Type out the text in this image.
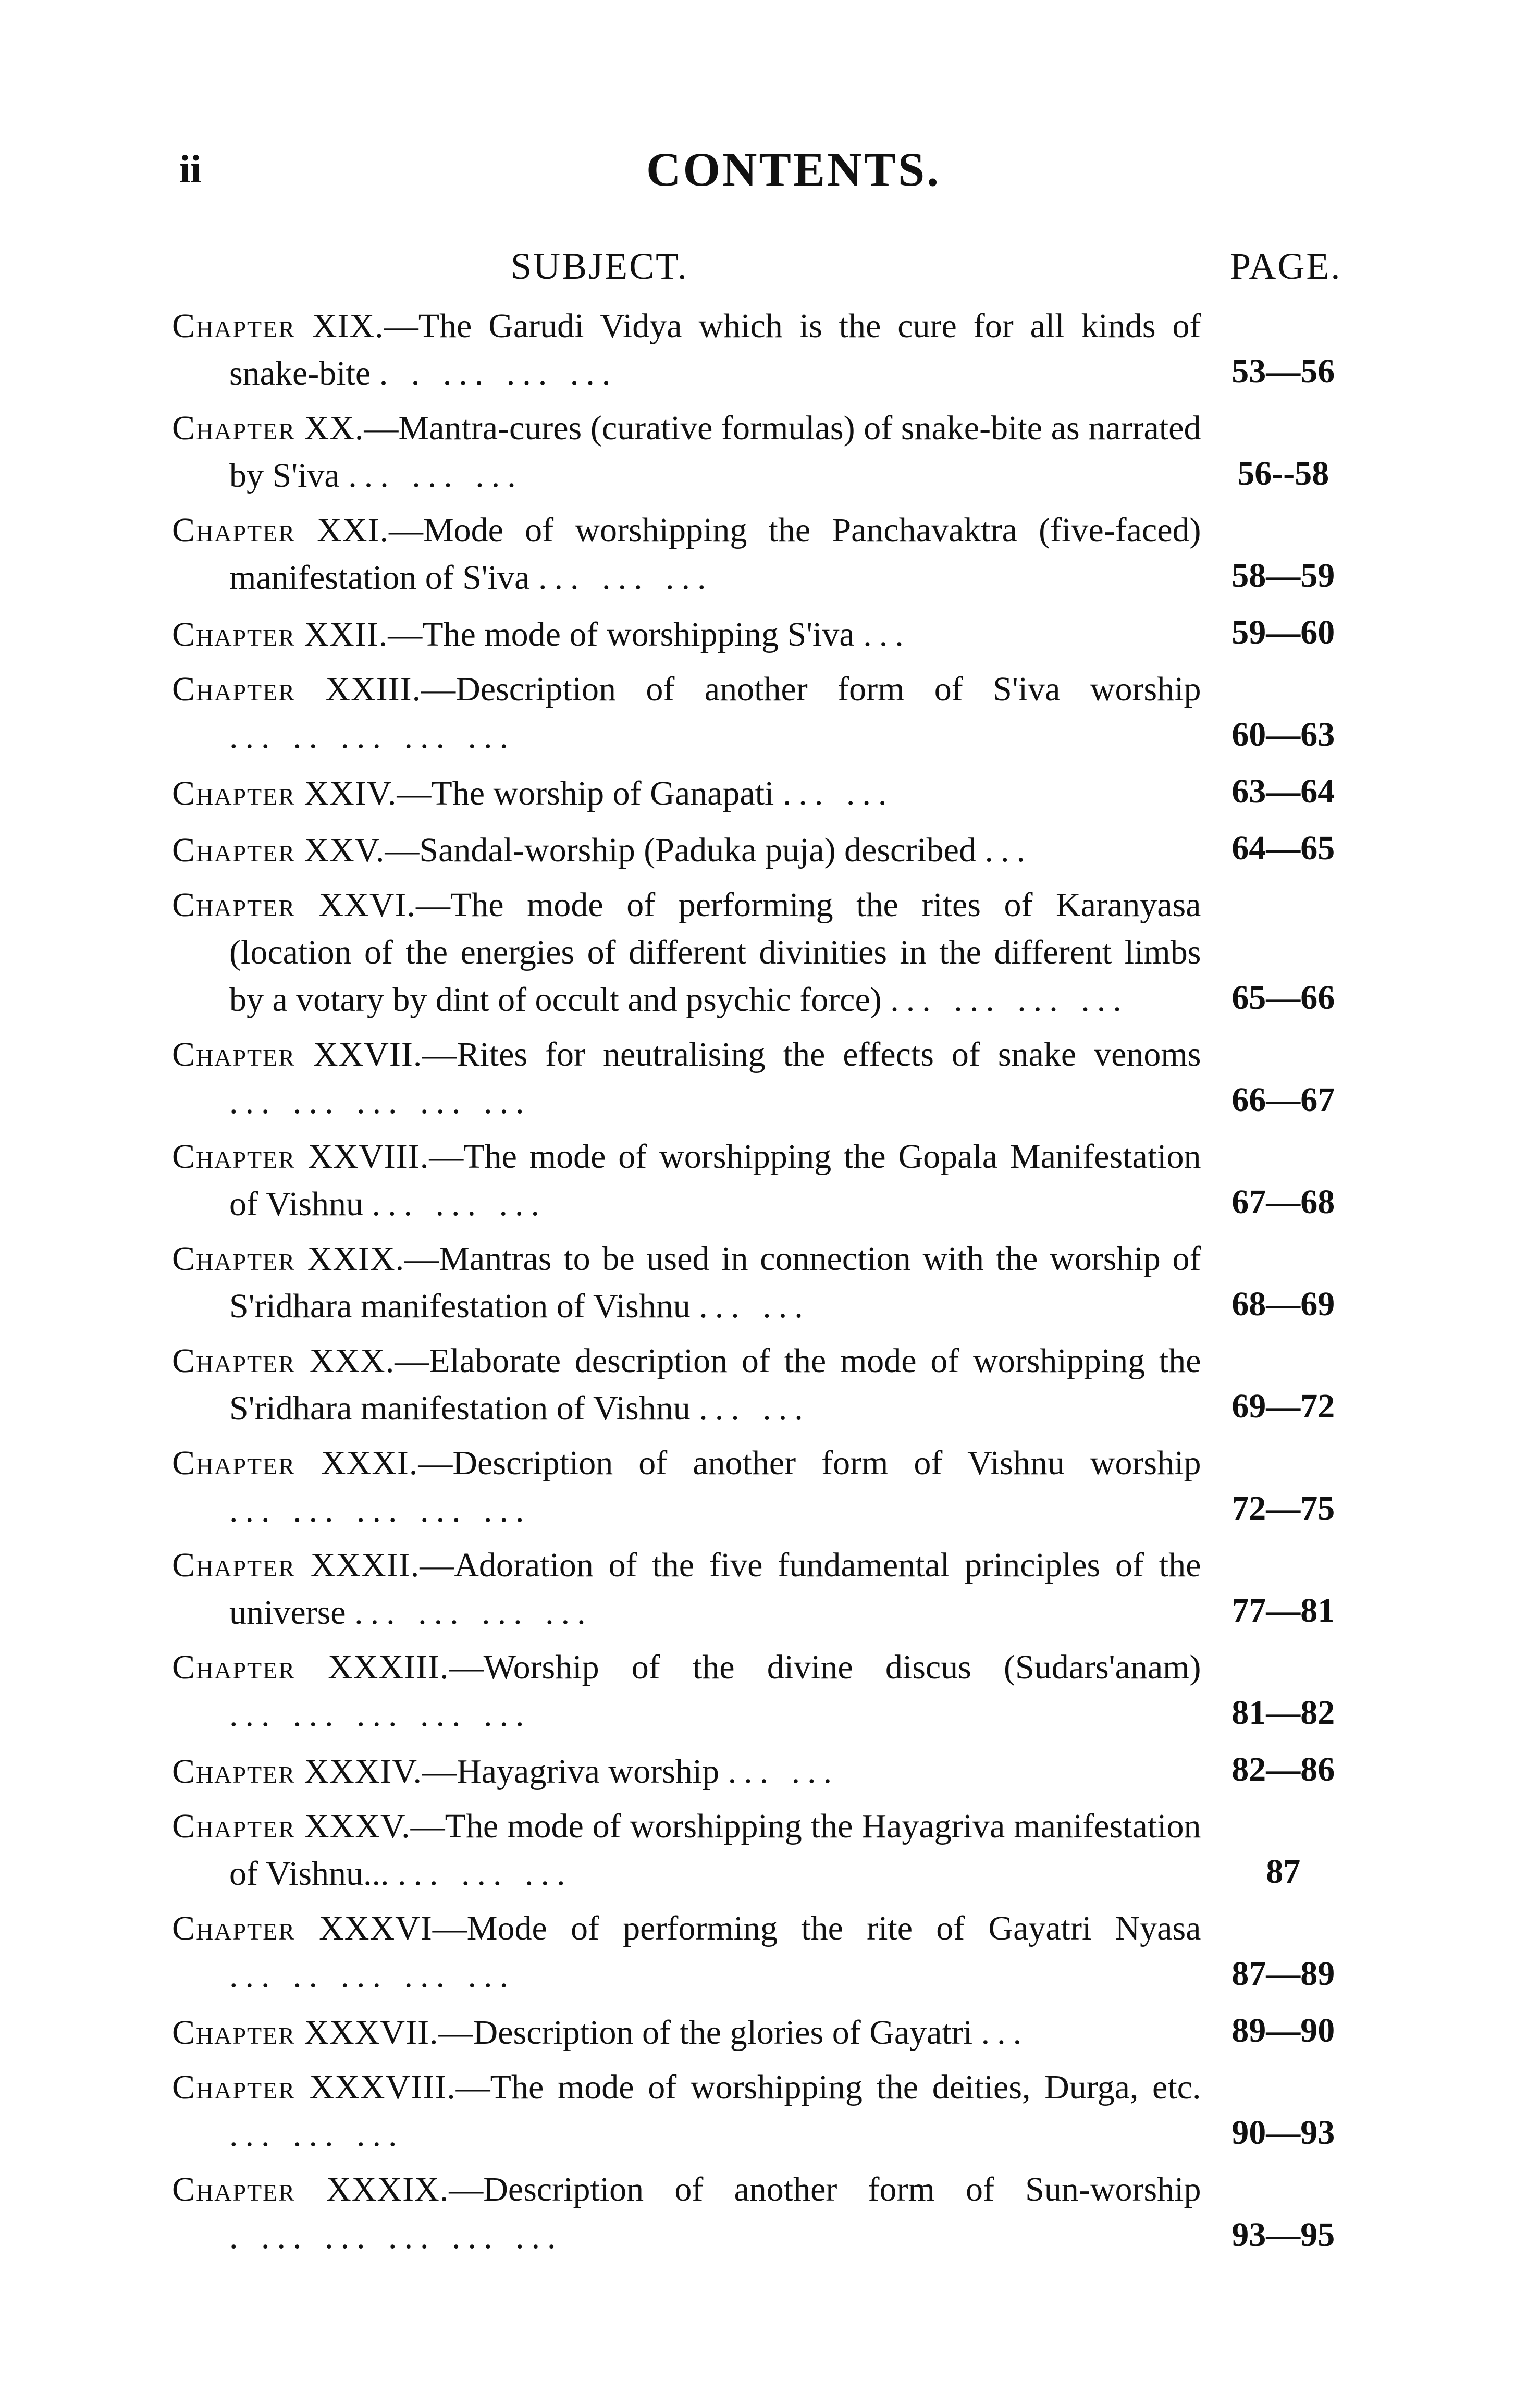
ii	CONTENTS.
SUBJECT.	PAGE.
Chapter XIX.—The Garudi Vidya which is the cure for all kinds of snake-bite . . ... ... ...	53—56
Chapter XX.—Mantra-cures (curative formulas) of snake-bite as narrated by S'iva ... ... ...	56--58
Chapter XXI.—Mode of worshipping the Panchavaktra (five-faced) manifestation of S'iva ... ... ...	58—59
Chapter XXII.—The mode of worshipping S'iva ...	59—60
Chapter XXIII.—Description of another form of S'iva worship ... .. ... ... ...	60—63
Chapter XXIV.—The worship of Ganapati ... ...	63—64
Chapter XXV.—Sandal-worship (Paduka puja) described ...	64—65
Chapter XXVI.—The mode of performing the rites of Karanyasa (location of the energies of different divinities in the different limbs by a votary by dint of occult and psychic force) ... ... ... ...	65—66
Chapter XXVII.—Rites for neutralising the effects of snake venoms ... ... ... ... ...	66—67
Chapter XXVIII.—The mode of worshipping the Gopala Manifestation of Vishnu ... ... ...	67—68
Chapter XXIX.—Mantras to be used in connection with the worship of S'ridhara manifestation of Vishnu ... ...	68—69
Chapter XXX.—Elaborate description of the mode of worshipping the S'ridhara manifestation of Vishnu ... ...	69—72
Chapter XXXI.—Description of another form of Vishnu worship ... ... ... ... ...	72—75
Chapter XXXII.—Adoration of the five fundamental principles of the universe ... ... ... ...	77—81
Chapter XXXIII.—Worship of the divine discus (Sudars'anam) ... ... ... ... ...	81—82
Chapter XXXIV.—Hayagriva worship ... ...	82—86
Chapter XXXV.—The mode of worshipping the Hayagriva manifestation of Vishnu... ... ... ...	87
Chapter XXXVI—Mode of performing the rite of Gayatri Nyasa ... .. ... ... ...	87—89
Chapter XXXVII.—Description of the glories of Gayatri ...	89—90
Chapter XXXVIII.—The mode of worshipping the deities, Durga, etc. ... ... ...	90—93
Chapter XXXIX.—Description of another form of Sun-worship . ... ... ... ... ...	93—95
